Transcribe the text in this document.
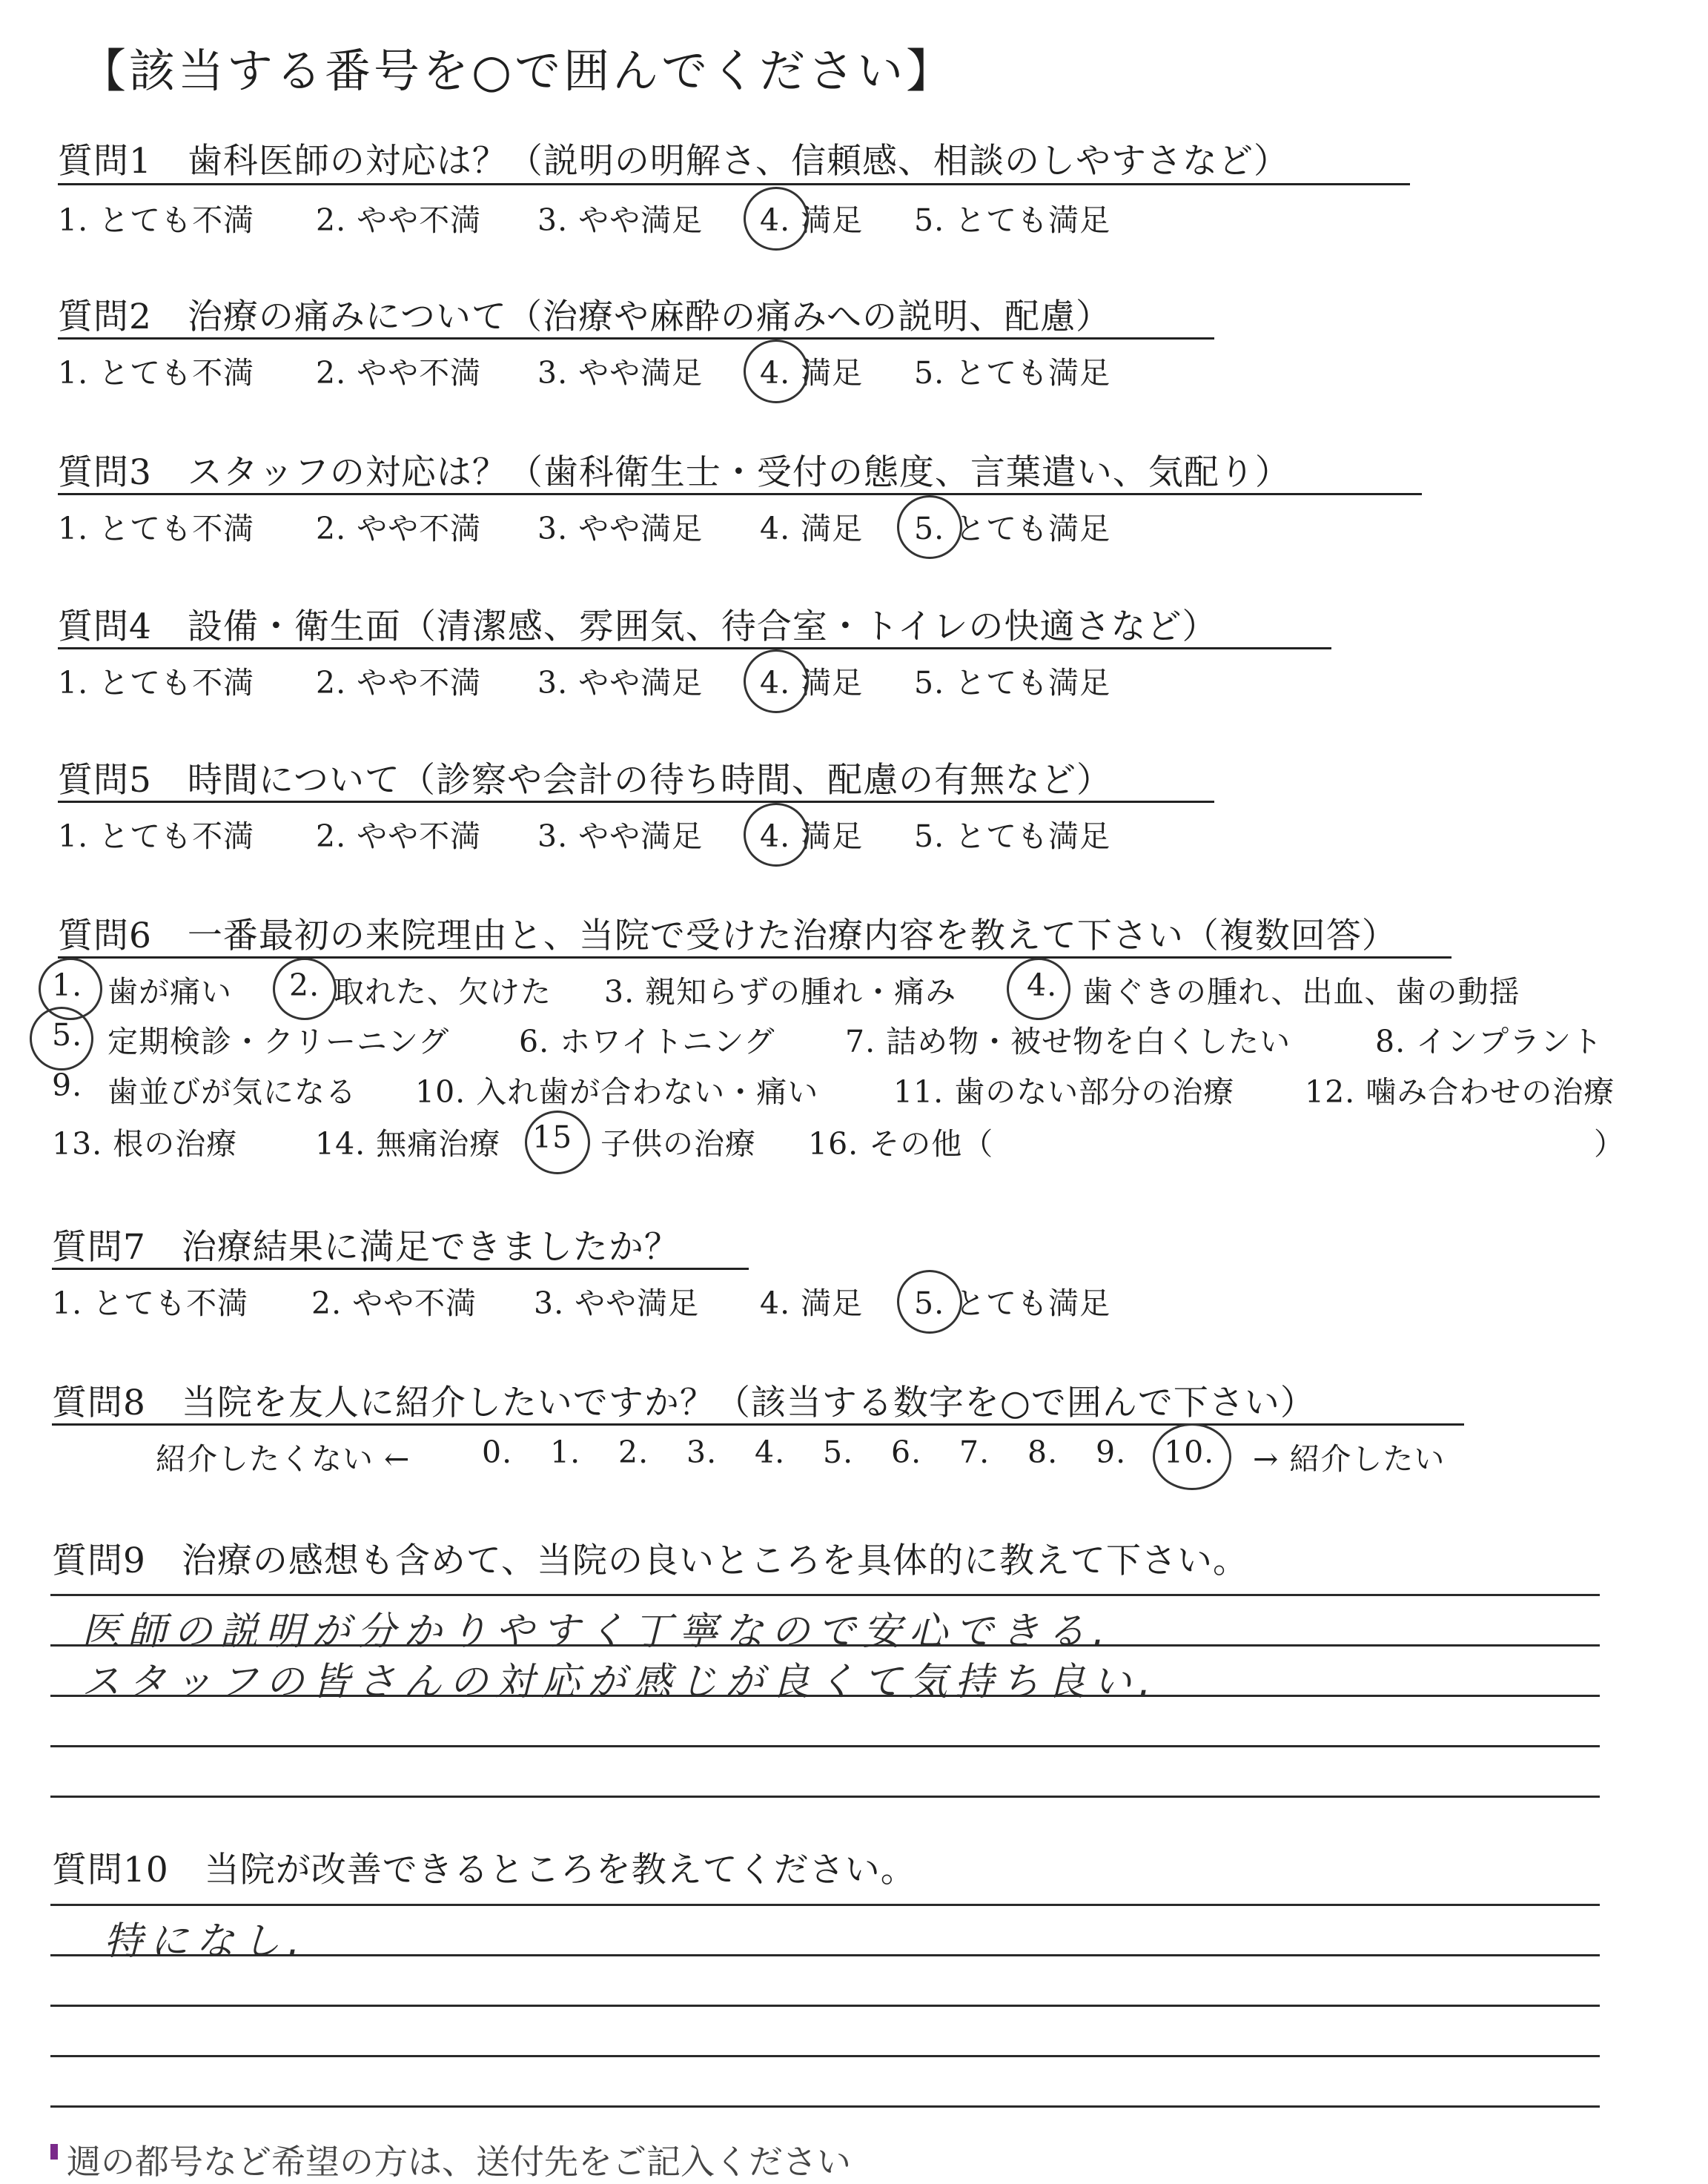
【該当する番号を○で囲んでください】
質問1　歯科医師の対応は？（説明の明解さ、信頼感、相談のしやすさなど）
1. とても不満 2. やや不満 3. やや満足 4. 満足 5. とても満足
質問2　治療の痛みについて（治療や麻酔の痛みへの説明、配慮）
1. とても不満 2. やや不満 3. やや満足 4. 満足 5. とても満足
質問3　スタッフの対応は？（歯科衛生士・受付の態度、言葉遣い、気配り）
1. とても不満 2. やや不満 3. やや満足 4. 満足 5. とても満足
質問4　設備・衛生面（清潔感、雰囲気、待合室・トイレの快適さなど）
1. とても不満 2. やや不満 3. やや満足 4. 満足 5. とても満足
質問5　時間について（診察や会計の待ち時間、配慮の有無など）
1. とても不満 2. やや不満 3. やや満足 4. 満足 5. とても満足
質問6　一番最初の来院理由と、当院で受けた治療内容を教えて下さい（複数回答）
1. 歯が痛い 2. 取れた、欠けた 3. 親知らずの腫れ・痛み 4. 歯ぐきの腫れ、出血、歯の動揺
5. 定期検診・クリーニング 6. ホワイトニング 7. 詰め物・被せ物を白くしたい	8. インプラント
9. 歯並びが気になる 10. 入れ歯が合わない・痛い 11. 歯のない部分の治療 12. 噛み合わせの治療
13. 根の治療	14. 無痛治療 15 子供の治療 16. その他（	）
質問7　治療結果に満足できましたか？
1. とても不満 2. やや不満 3. やや満足 4. 満足 5. とても満足
質問8　当院を友人に紹介したいですか？（該当する数字を○で囲んで下さい）
紹介したくない ← 0. 1. 2. 3. 4. 5. 6. 7. 8. 9. 10. → 紹介したい
質問9　治療の感想も含めて、当院の良いところを具体的に教えて下さい。
医師の説明が分かりやすく丁寧なので安心できる.
スタッフの皆さんの対応が感じが良くて気持ち良い.
質問10　当院が改善できるところを教えてください。
特になし.
週の都号など希望の方は、送付先をご記入ください
